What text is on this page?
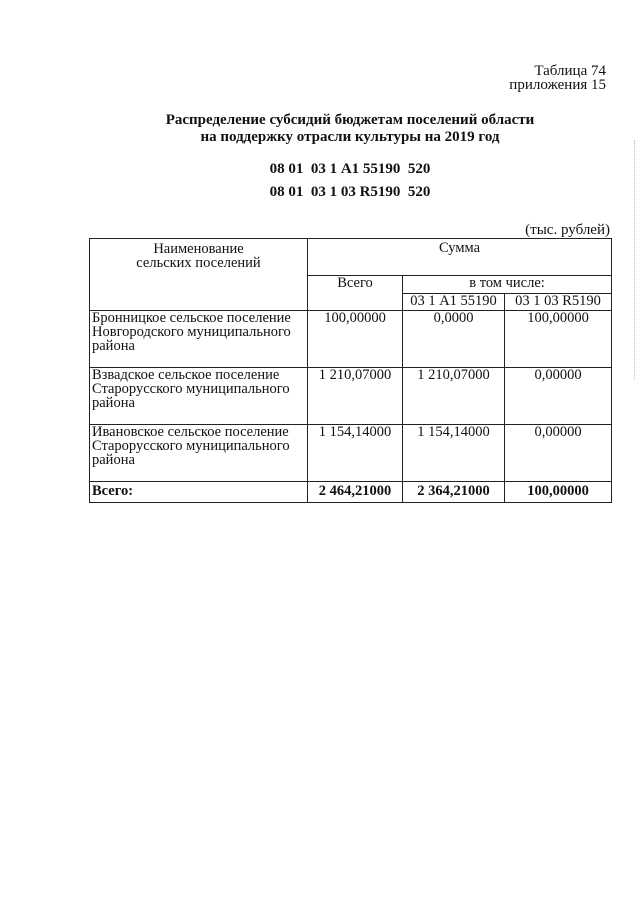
Таблица 74
приложения 15
Распределение субсидий бюджетам поселений области
на поддержку отрасли культуры на 2019 год
08 01  03 1 А1 55190  520
08 01  03 1 03 R5190  520
(тыс. рублей)
Наименование
сельских поселений	Сумма		
	Всего	в том числе:	
		03 1 А1 55190	03 1 03 R5190

Бронницкое сельское поселение
Новгородского муниципального
района	100,00000	0,0000	100,00000

Взвадское сельское поселение
Старорусского муниципального
района	1 210,07000	1 210,07000	0,00000

Ивановское сельское поселение
Старорусского муниципального
района	1 154,14000	1 154,14000	0,00000
Всего:	2 464,21000	2 364,21000	100,00000
